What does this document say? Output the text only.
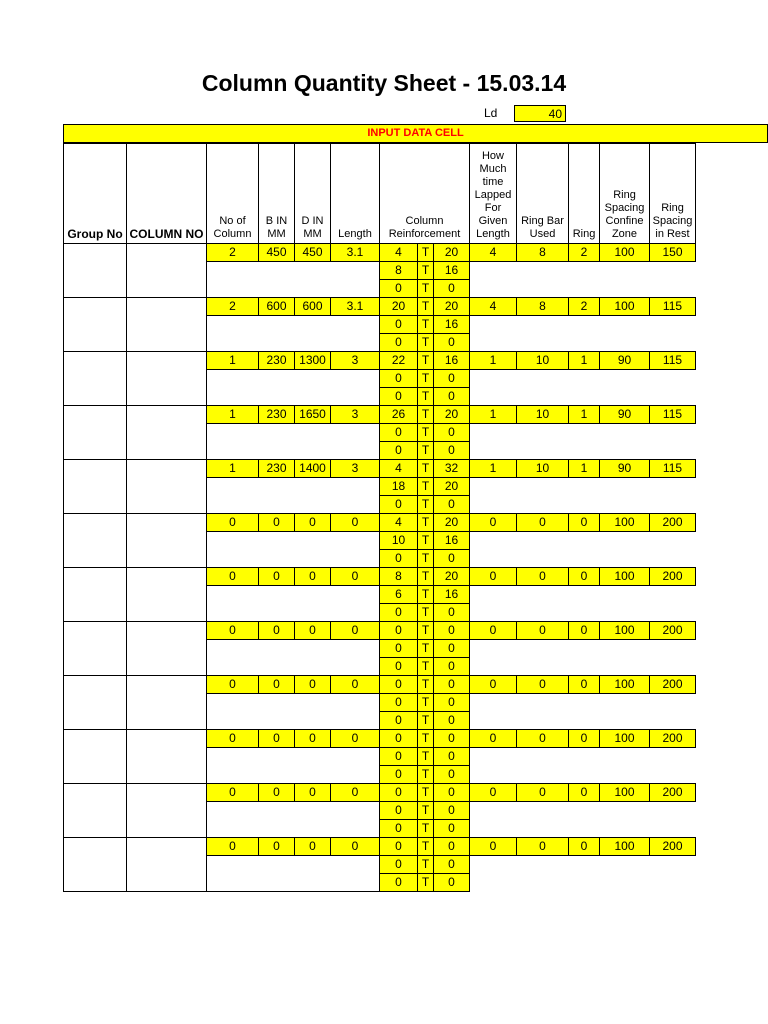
Column Quantity Sheet - 15.03.14
Ld	40
INPUT DATA CELL
Group No	COLUMN NO	No of Column	B IN MM	D IN MM	Length	Column Reinforcement			How Much time Lapped For Given Length	Ring Bar Used	Ring	Ring Spacing Confine Zone	Ring Spacing in Rest
		2	450	450	3.1	4	T	20	4	8	2	100	150
						8	T	16					
						0	T	0					
		2	600	600	3.1	20	T	20	4	8	2	100	115
						0	T	16					
						0	T	0					
		1	230	1300	3	22	T	16	1	10	1	90	115
						0	T	0					
						0	T	0					
		1	230	1650	3	26	T	20	1	10	1	90	115
						0	T	0					
						0	T	0					
		1	230	1400	3	4	T	32	1	10	1	90	115
						18	T	20					
						0	T	0					
		0	0	0	0	4	T	20	0	0	0	100	200
						10	T	16					
						0	T	0					
		0	0	0	0	8	T	20	0	0	0	100	200
						6	T	16					
						0	T	0					
		0	0	0	0	0	T	0	0	0	0	100	200
						0	T	0					
						0	T	0					
		0	0	0	0	0	T	0	0	0	0	100	200
						0	T	0					
						0	T	0					
		0	0	0	0	0	T	0	0	0	0	100	200
						0	T	0					
						0	T	0					
		0	0	0	0	0	T	0	0	0	0	100	200
						0	T	0					
						0	T	0					
		0	0	0	0	0	T	0	0	0	0	100	200
						0	T	0					
						0	T	0					
